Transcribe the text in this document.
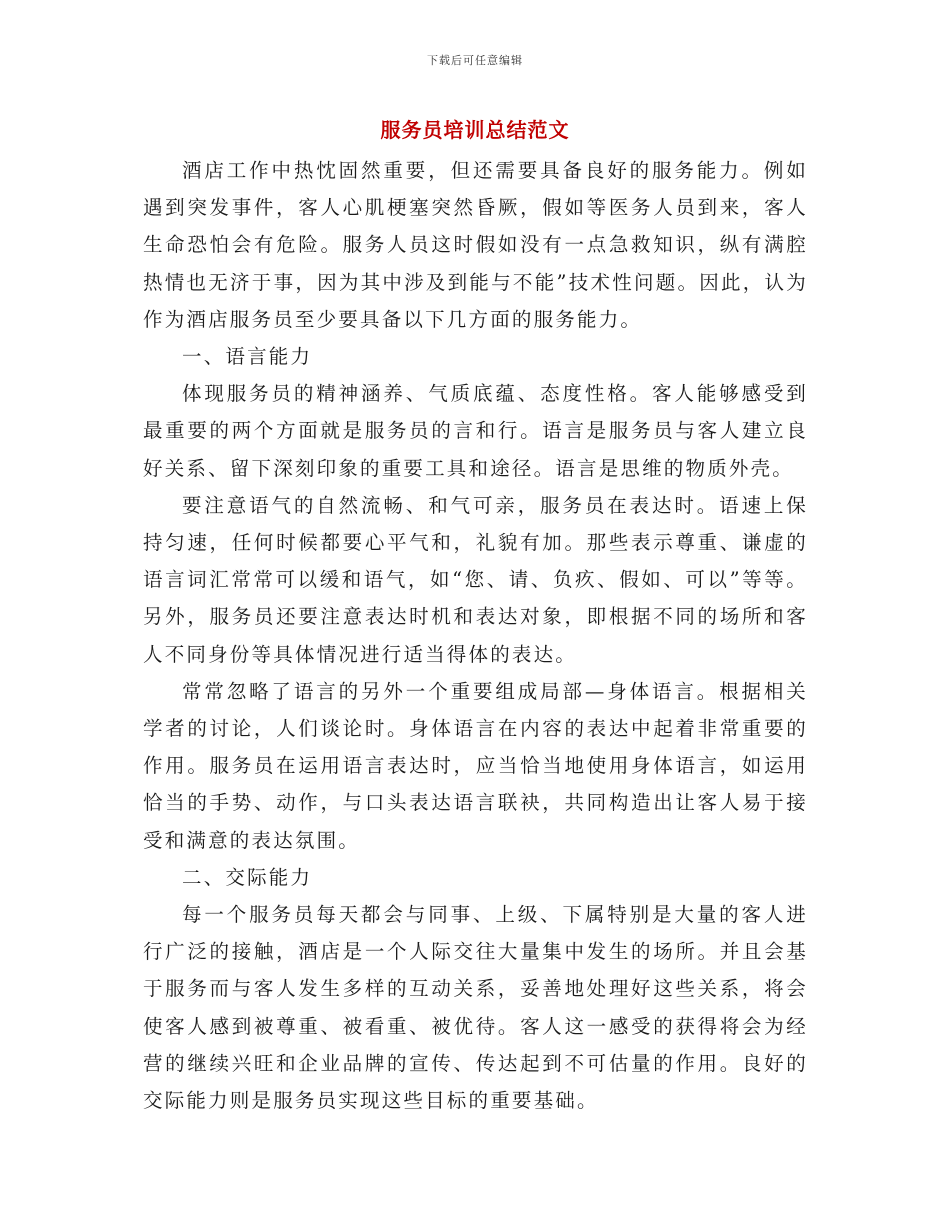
下载后可任意编辑
服务员培训总结范文

酒店工作中热忱固然重要，但还需要具备良好的服务能力。例如遇到突发事件，客人心肌梗塞突然昏厥，假如等医务人员到来，客人生命恐怕会有危险。服务人员这时假如没有一点急救知识，纵有满腔热情也无济于事，因为其中涉及到能与不能”技术性问题。因此，认为作为酒店服务员至少要具备以下几方面的服务能力。

一、语言能力

体现服务员的精神涵养、气质底蕴、态度性格。客人能够感受到最重要的两个方面就是服务员的言和行。语言是服务员与客人建立良好关系、留下深刻印象的重要工具和途径。语言是思维的物质外壳。

要注意语气的自然流畅、和气可亲，服务员在表达时。语速上保持匀速，任何时候都要心平气和，礼貌有加。那些表示尊重、谦虚的语言词汇常常可以缓和语气，如“您、请、负疚、假如、可以”等等。另外，服务员还要注意表达时机和表达对象，即根据不同的场所和客人不同身份等具体情况进行适当得体的表达。

常常忽略了语言的另外一个重要组成局部—身体语言。根据相关学者的讨论，人们谈论时。身体语言在内容的表达中起着非常重要的作用。服务员在运用语言表达时，应当恰当地使用身体语言，如运用恰当的手势、动作，与口头表达语言联袂，共同构造出让客人易于接受和满意的表达氛围。

二、交际能力

每一个服务员每天都会与同事、上级、下属特别是大量的客人进行广泛的接触，酒店是一个人际交往大量集中发生的场所。并且会基于服务而与客人发生多样的互动关系，妥善地处理好这些关系，将会使客人感到被尊重、被看重、被优待。客人这一感受的获得将会为经营的继续兴旺和企业品牌的宣传、传达起到不可估量的作用。良好的交际能力则是服务员实现这些目标的重要基础。
